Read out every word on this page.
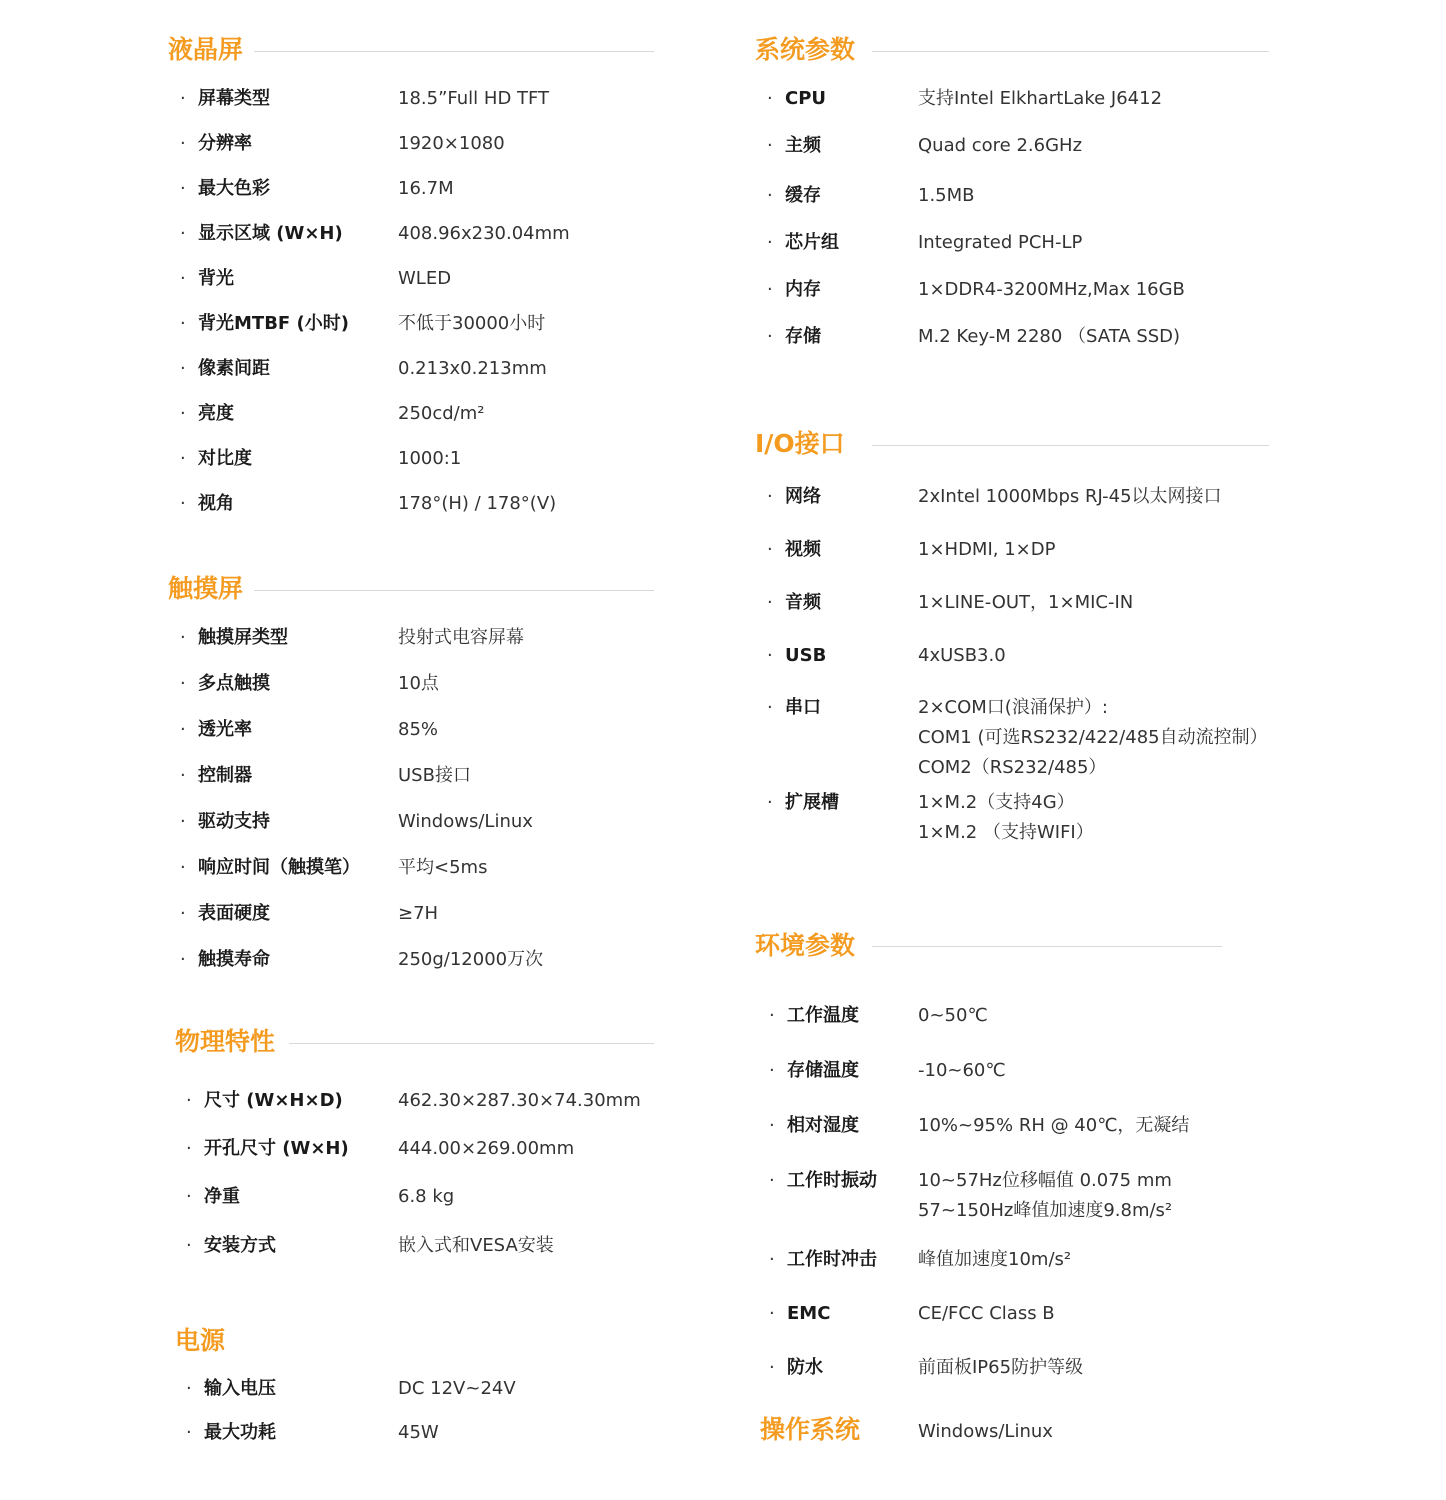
液晶屏
触摸屏
物理特性
电源
系统参数
I/O接口
环境参数
操作系统	Windows/Linux
· 屏幕类型	18.5”Full HD TFT
· 分辨率	1920×1080
· 最大色彩	16.7M
· 显示区域 (W×H)	408.96x230.04mm
· 背光	WLED
· 背光MTBF (小时)	不低于30000小时
· 像素间距	0.213x0.213mm
· 亮度	250cd/m²
· 对比度	1000:1
· 视角	178°(H) / 178°(V)
· 触摸屏类型	投射式电容屏幕
· 多点触摸	10点
· 透光率	85%
· 控制器	USB接口
· 驱动支持	Windows/Linux
· 响应时间（触摸笔） 平均<5ms
· 表面硬度	≥7H
· 触摸寿命	250g/12000万次
· 尺寸 (W×H×D)	462.30×287.30×74.30mm
· 开孔尺寸 (W×H)	444.00×269.00mm
· 净重	6.8 kg
· 安装方式	嵌入式和VESA安装
· 输入电压	DC 12V~24V
· 最大功耗	45W
· CPU	支持Intel ElkhartLake J6412
· 主频	Quad core 2.6GHz
· 缓存	1.5MB
· 芯片组	Integrated PCH-LP
· 内存	1×DDR4-3200MHz,Max 16GB
· 存储	M.2 Key-M 2280 （SATA SSD)
· 网络	2xIntel 1000Mbps RJ-45以太网接口
· 视频	1×HDMI, 1×DP
· 音频	1×LINE-OUT，1×MIC-IN
· USB	4xUSB3.0
· 串口	2×COM口(浪涌保护）:
COM1 (可选RS232/422/485自动流控制）
COM2（RS232/485）
· 扩展槽	1×M.2（支持4G）
1×M.2 （支持WIFI）
· 工作温度	0~50℃
· 存储温度	-10~60℃
· 相对湿度	10%~95% RH @ 40℃，无凝结
· 工作时振动 10~57Hz位移幅值 0.075 mm
57~150Hz峰值加速度9.8m/s²
· 工作时冲击 峰值加速度10m/s²
· EMC	CE/FCC Class B
· 防水	前面板IP65防护等级
